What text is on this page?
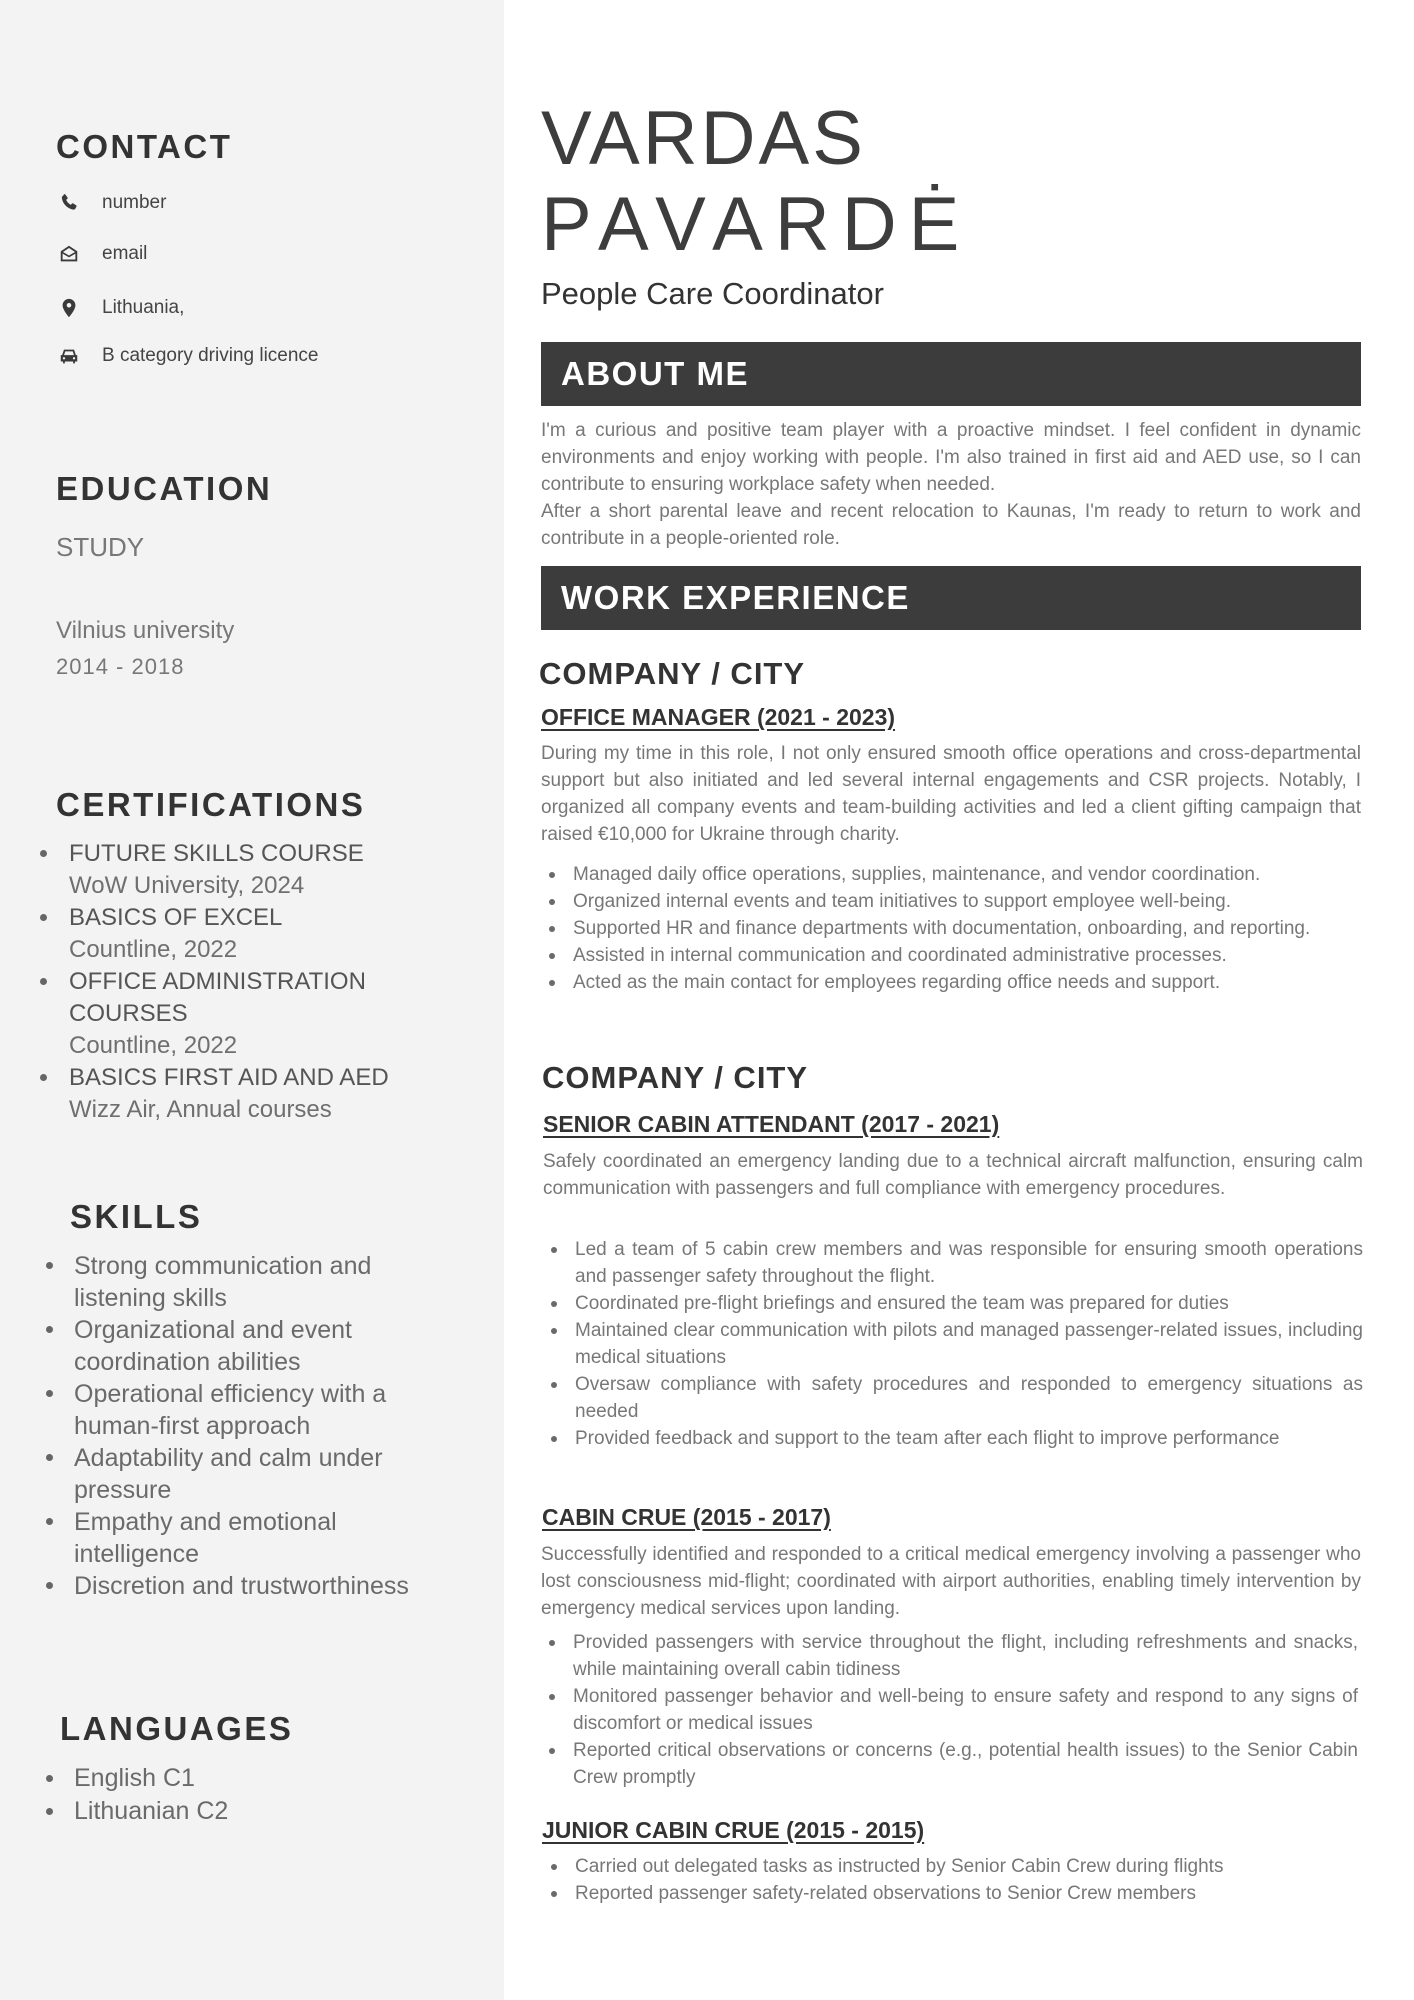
CONTACT
number
email
Lithuania,
B category driving licence
EDUCATION
STUDY
Vilnius university
2014 - 2018
CERTIFICATIONS
FUTURE SKILLS COURSE
WoW University, 2024
BASICS OF EXCEL
Countline, 2022
OFFICE ADMINISTRATION COURSES
Countline, 2022
BASICS FIRST AID AND AED
Wizz Air, Annual courses
SKILLS
Strong communication and listening skills
Organizational and event coordination abilities
Operational efficiency with a human-first approach
Adaptability and calm under pressure
Empathy and emotional intelligence
Discretion and trustworthiness
LANGUAGES
English C1
Lithuanian C2
VARDAS
PAVARDĖ
People Care Coordinator
ABOUT ME

I'm a curious and positive team player with a proactive mindset. I feel confident in dynamic environments and enjoy working with people. I'm also trained in first aid and AED use, so I can contribute to ensuring workplace safety when needed.

After a short parental leave and recent relocation to Kaunas, I'm ready to return to work and contribute in a people-oriented role.

WORK EXPERIENCE
COMPANY / CITY
OFFICE MANAGER (2021 - 2023)

During my time in this role, I not only ensured smooth office operations and cross-departmental support but also initiated and led several internal engagements and CSR projects. Notably, I organized all company events and team-building activities and led a client gifting campaign that raised €10,000 for Ukraine through charity.

Managed daily office operations, supplies, maintenance, and vendor coordination.
Organized internal events and team initiatives to support employee well-being.
Supported HR and finance departments with documentation, onboarding, and reporting.
Assisted in internal communication and coordinated administrative processes.
Acted as the main contact for employees regarding office needs and support.
COMPANY / CITY
SENIOR CABIN ATTENDANT (2017 - 2021)

Safely coordinated an emergency landing due to a technical aircraft malfunction, ensuring calm communication with passengers and full compliance with emergency procedures.

Led a team of 5 cabin crew members and was responsible for ensuring smooth operations and passenger safety throughout the flight.
Coordinated pre-flight briefings and ensured the team was prepared for duties
Maintained clear communication with pilots and managed passenger-related issues, including medical situations
Oversaw compliance with safety procedures and responded to emergency situations as needed
Provided feedback and support to the team after each flight to improve performance
CABIN CRUE (2015 - 2017)

Successfully identified and responded to a critical medical emergency involving a passenger who lost consciousness mid-flight; coordinated with airport authorities, enabling timely intervention by emergency medical services upon landing.

Provided passengers with service throughout the flight, including refreshments and snacks, while maintaining overall cabin tidiness
Monitored passenger behavior and well-being to ensure safety and respond to any signs of discomfort or medical issues
Reported critical observations or concerns (e.g., potential health issues) to the Senior Cabin Crew promptly
JUNIOR CABIN CRUE (2015 - 2015)
Carried out delegated tasks as instructed by Senior Cabin Crew during flights
Reported passenger safety-related observations to Senior Crew members
